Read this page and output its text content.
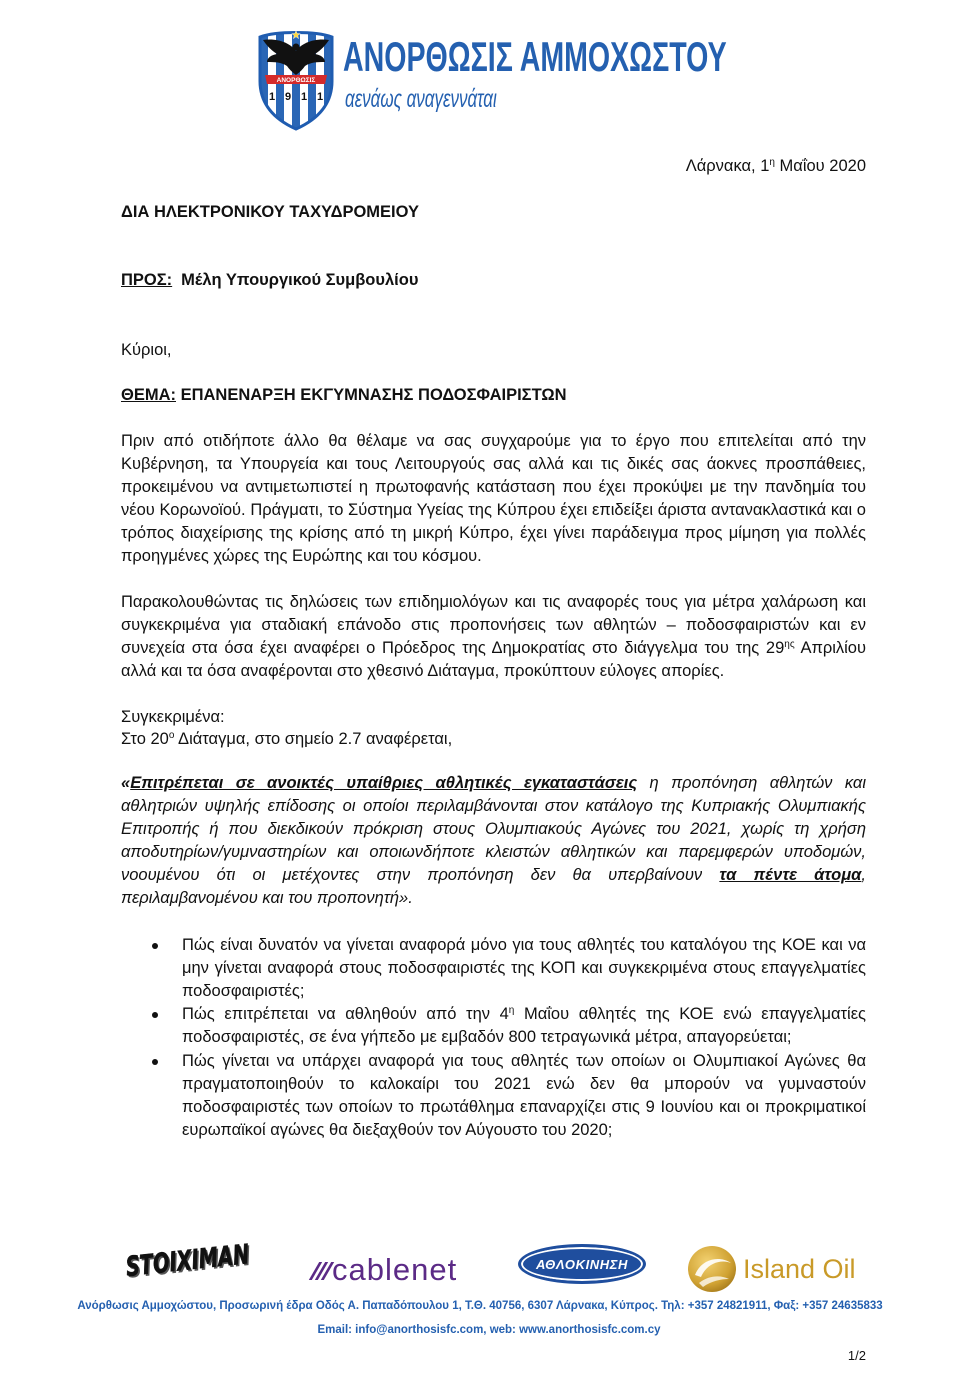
ΑΝΟΡΘΩΣΙΣ
1 9 1 1
ΑΝΟΡΘΩΣΙΣ ΑΜΜΟΧΩΣΤΟΥ
αενάως αναγεννάται
Λάρνακα, $1^\eta$ Μαΐου 2020
ΔΙΑ ΗΛΕΚΤΡΟΝΙΚΟΥ ΤΑΧΥΔΡΟΜΕΙΟΥ
ΠΡΟΣ: Μέλη Υπουργικού Συμβουλίου
Κύριοι,
ΘΕΜΑ: ΕΠΑΝΕΝΑΡΞΗ ΕΚΓΥΜΝΑΣΗΣ ΠΟΔΟΣΦΑΙΡΙΣΤΩΝ

Πριν από οτιδήποτε άλλο θα θέλαμε να σας συγχαρούμε για το έργο που επιτελείται από την Κυβέρνηση, τα Υπουργεία και τους Λειτουργούς σας αλλά και τις δικές σας άοκνες προσπάθειες, προκειμένου να αντιμετωπιστεί η πρωτοφανής κατάσταση που έχει προκύψει με την πανδημία του νέου Κορωνοϊού. Πράγματι, το Σύστημα Υγείας της Κύπρου έχει επιδείξει άριστα αντανακλαστικά και ο τρόπος διαχείρισης της κρίσης από τη μικρή Κύπρο, έχει γίνει παράδειγμα προς μίμηση για πολλές προηγμένες χώρες της Ευρώπης και του κόσμου.

Παρακολουθώντας τις δηλώσεις των επιδημιολόγων και τις αναφορές τους για μέτρα χαλάρωση και συγκεκριμένα για σταδιακή επάνοδο στις προπονήσεις των αθλητών – ποδοσφαιριστών και εν συνεχεία στα όσα έχει αναφέρει ο Πρόεδρος της Δημοκρατίας στο διάγγελμα του της $29^{\eta\varsigma}$ Απριλίου αλλά και τα όσα αναφέρονται στο χθεσινό Διάταγμα, προκύπτουν εύλογες απορίες.

Συγκεκριμένα:
Στο $20^o$ Διάταγμα, στο σημείο 2.7 αναφέρεται,

«Επιτρέπεται σε ανοικτές υπαίθριες αθλητικές εγκαταστάσεις η προπόνηση αθλητών και αθλητριών υψηλής επίδοσης οι οποίοι περιλαμβάνονται στον κατάλογο της Κυπριακής Ολυμπιακής Επιτροπής ή που διεκδικούν πρόκριση στους Ολυμπιακούς Αγώνες του 2021, χωρίς τη χρήση αποδυτηρίων/γυμναστηρίων και οποιωνδήποτε κλειστών αθλητικών και παρεμφερών υποδομών, νοουμένου ότι οι μετέχοντες στην προπόνηση δεν θα υπερβαίνουν τα πέντε άτομα, περιλαμβανομένου και του προπονητή».

Πώς είναι δυνατόν να γίνεται αναφορά μόνο για τους αθλητές του καταλόγου της ΚΟΕ και να μην γίνεται αναφορά στους ποδοσφαιριστές της ΚΟΠ και συγκεκριμένα στους επαγγελματίες ποδοσφαιριστές;
Πώς επιτρέπεται να αθληθούν από την $4^\eta$ Μαΐου αθλητές της ΚΟΕ ενώ επαγγελματίες ποδοσφαιριστές, σε ένα γήπεδο με εμβαδόν 800 τετραγωνικά μέτρα, απαγορεύεται;
Πώς γίνεται να υπάρχει αναφορά για τους αθλητές των οποίων οι Ολυμπιακοί Αγώνες θα πραγματοποιηθούν το καλοκαίρι του 2021 ενώ δεν θα μπορούν να γυμναστούν ποδοσφαιριστές των οποίων το πρωτάθλημα επαναρχίζει στις 9 Ιουνίου και οι προκριματικοί ευρωπαϊκοί αγώνες θα διεξαχθούν τον Αύγουστο του 2020;
STOIXIMAN	cablenet	ΑΘΛΟΚΙΝΗΣΗ	Island Oil
Ανόρθωσις Αμμοχώστου, Προσωρινή έδρα Οδός Α. Παπαδόπουλου 1, Τ.Θ. 40756, 6307 Λάρνακα, Κύπρος. Τηλ: +357 24821911, Φαξ: +357 24635833
Email: info@anorthosisfc.com, web: www.anorthosisfc.com.cy
1/2
